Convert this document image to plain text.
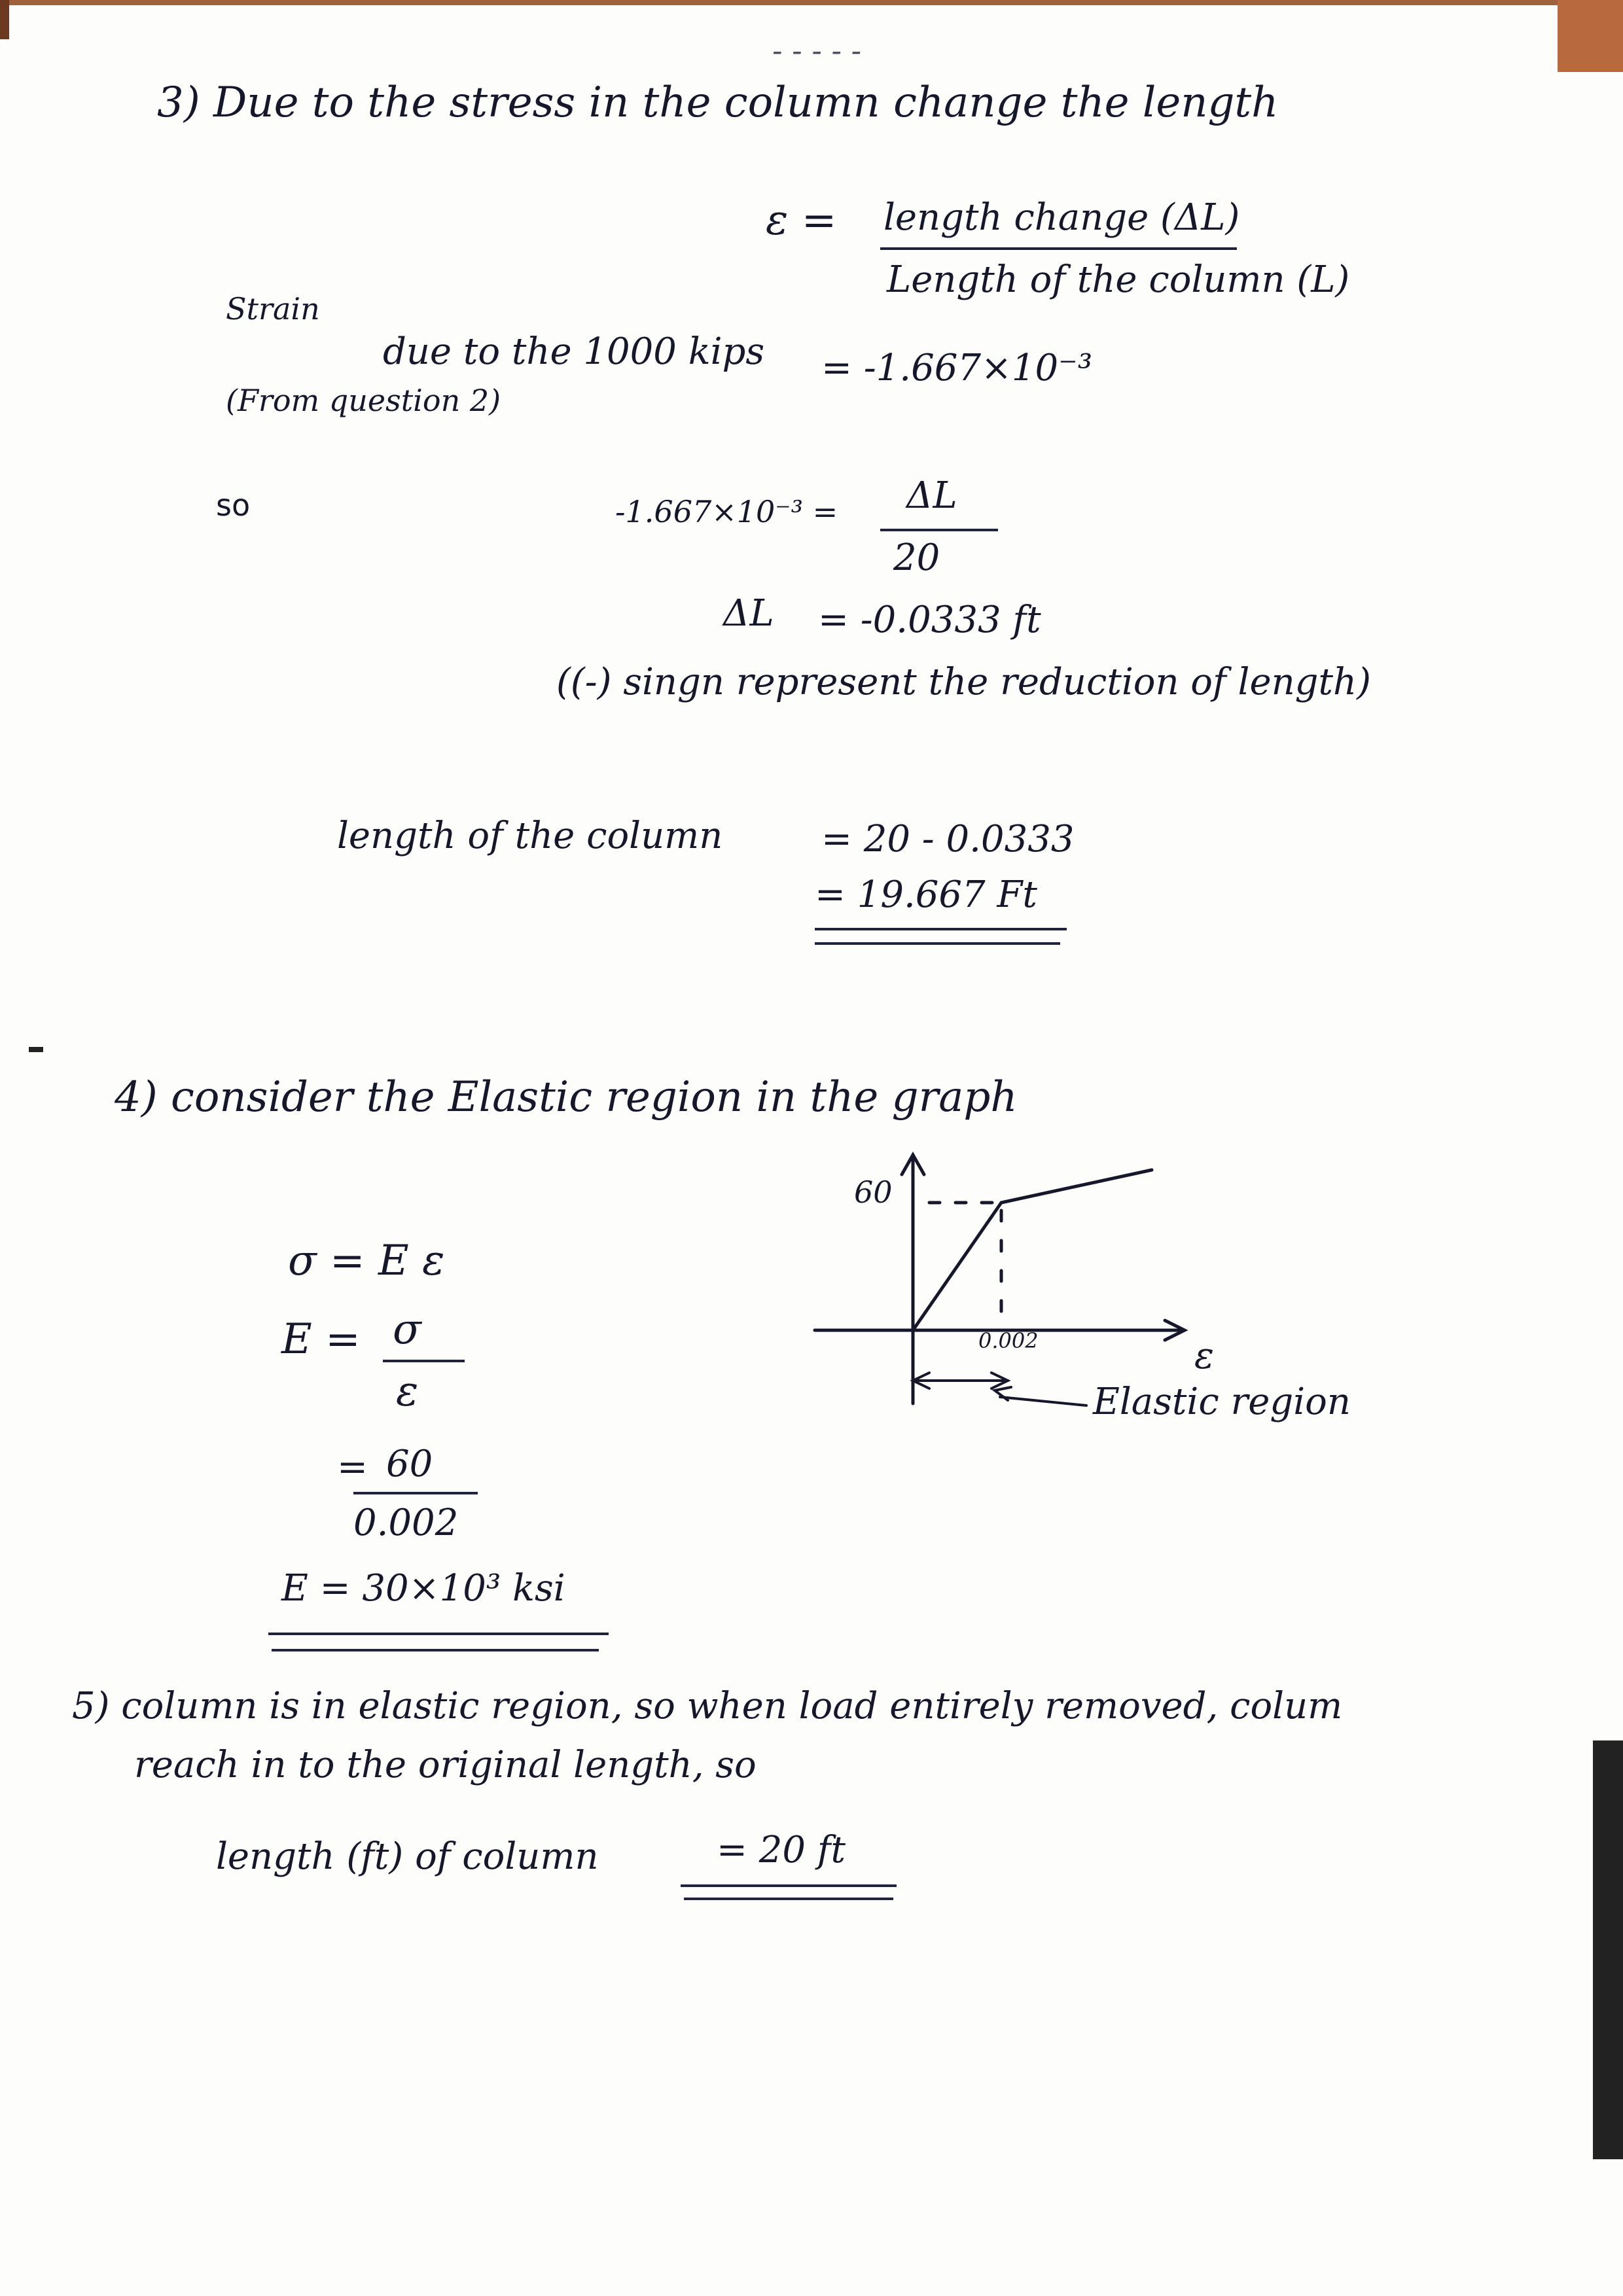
- - - - -
3) Due to the stress in the column change the length
ε = length change (ΔL)
Length of the column (L)
Strain
due to the 1000 kips = -1.667×10⁻³
(From question 2)
so	-1.667×10⁻³ = ΔL
20
ΔL = -0.0333 ft
((-) singn represent the reduction of length)
length of the column	= 20 - 0.0333
= 19.667 Ft
4) consider the Elastic region in the graph
σ = E ε
E = σ
ε
= 60
0.002
E = 30×10³ ksi
60
0.002	ε
Elastic region
5) column is in elastic region, so when load entirely removed, colum
reach in to the original length, so
length (ft) of column	= 20 ft
